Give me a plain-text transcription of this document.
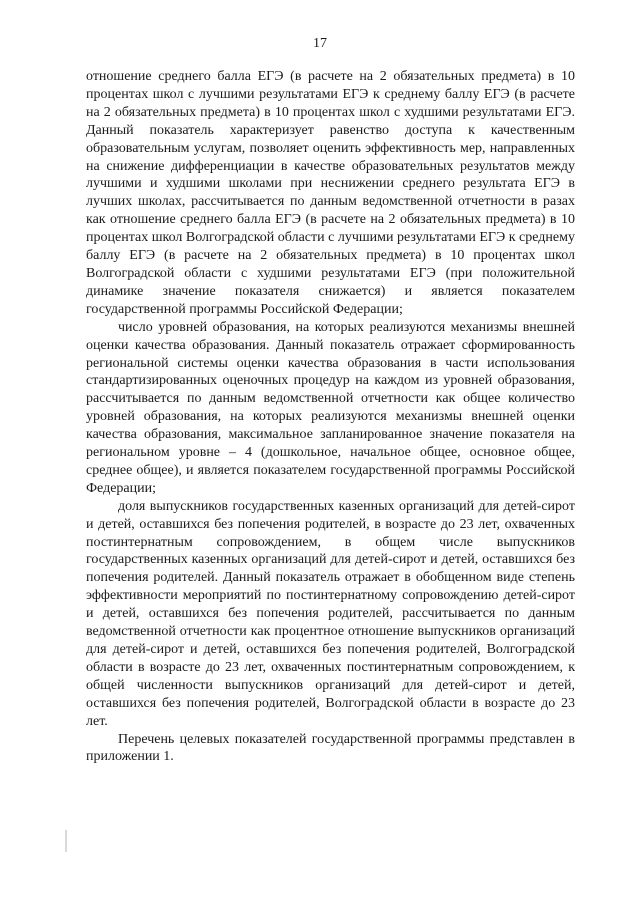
17

отношение среднего балла ЕГЭ (в расчете на 2 обязательных предмета) в 10 процентах школ с лучшими результатами ЕГЭ к среднему баллу ЕГЭ (в расчете на 2 обязательных предмета) в 10 процентах школ с худшими результатами ЕГЭ. Данный показатель характеризует равенство доступа к качественным образовательным услугам, позволяет оценить эффективность мер, направленных на снижение дифференциации в качестве образовательных результатов между лучшими и худшими школами при неснижении среднего результата ЕГЭ в лучших школах, рассчитывается по данным ведомственной отчетности в разах как отношение среднего балла ЕГЭ (в расчете на 2 обязательных предмета) в 10 процентах школ Волгоградской области с лучшими результатами ЕГЭ к среднему баллу ЕГЭ (в расчете на 2 обязательных предмета) в 10 процентах школ Волгоградской области с худшими результатами ЕГЭ (при положительной динамике значение показателя снижается) и является показателем государственной программы Российской Федерации;

число уровней образования, на которых реализуются механизмы внешней оценки качества образования. Данный показатель отражает сформированность региональной системы оценки качества образования в части использования стандартизированных оценочных процедур на каждом из уровней образования, рассчитывается по данным ведомственной отчетности как общее количество уровней образования, на которых реализуются механизмы внешней оценки качества образования, максимальное запланированное значение показателя на региональном уровне – 4 (дошкольное, начальное общее, основное общее, среднее общее), и является показателем государственной программы Российской Федерации;

доля выпускников государственных казенных организаций для детей-сирот и детей, оставшихся без попечения родителей, в возрасте до 23 лет, охваченных постинтернатным сопровождением, в общем числе выпускников государственных казенных организаций для детей-сирот и детей, оставшихся без попечения родителей. Данный показатель отражает в обобщенном виде степень эффективности мероприятий по постинтернатному сопровождению детей-сирот и детей, оставшихся без попечения родителей, рассчитывается по данным ведомственной отчетности как процентное отношение выпускников организаций для детей-сирот и детей, оставшихся без попечения родителей, Волгоградской области в возрасте до 23 лет, охваченных постинтернатным сопровождением, к общей численности выпускников организаций для детей-сирот и детей, оставшихся без попечения родителей, Волгоградской области в возрасте до 23 лет.

Перечень целевых показателей государственной программы представлен в приложении 1.
